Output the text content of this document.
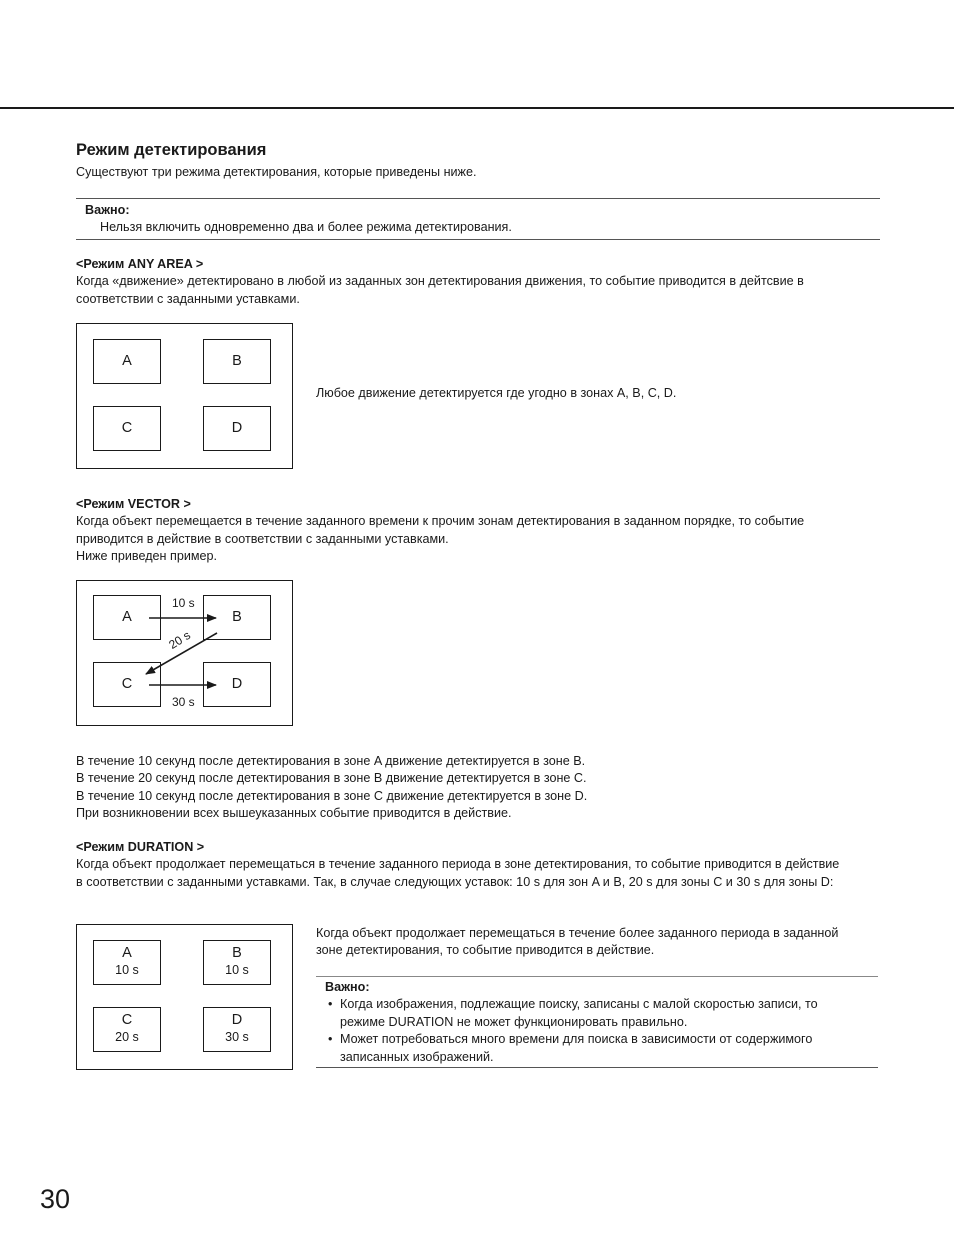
Режим детектирования
Существуют три режима детектирования, которые приведены ниже.
Важно:
Нельзя включить одновременно два и более режима детектирования.
<Режим ANY AREA >
Когда «движение» детектировано в любой из заданных зон детектирования движения, то событие приводится в дейтсвие в
соответствии с заданными уставками.
A	B
C	D
Любое движение детектируется где угодно в зонах A, B, C, D.
<Режим VECTOR >
Когда объект перемещается в течение заданного времени к прочим зонам детектирования в заданном порядке, то событие
приводится в действие в соответствии с заданными уставками.
Ниже приведен пример.
A	B
C	D
10 s
20 s
30 s
В течение 10 секунд после детектирования в зоне A движение детектируется в зоне B.
В течение 20 секунд после детектирования в зоне B движение детектируется в зоне C.
В течение 10 секунд после детектирования в зоне C движение детектируется в зоне D.
При возникновении всех вышеуказанных событие приводится в действие.
<Режим DURATION >
Когда объект продолжает перемещаться в течение заданного периода в зоне детектирования, то событие приводится в действие
в соответствии с заданными уставками. Так, в случае следующих уставок: 10 s для зон A и B, 20 s для зоны C и 30 s для зоны D:
A
10 s
B
10 s
C
20 s
D
30 s
Когда объект продолжает перемещаться в течение более заданного периода в заданной
зоне детектирования, то событие приводится в действие.
Важно:
• Когда изображения, подлежащие поиску, записаны с малой скоростью записи, то
режиме DURATION не может функционировать правильно.
• Может потребоваться много времени для поиска в зависимости от содержимого
записанных изображений.
30
